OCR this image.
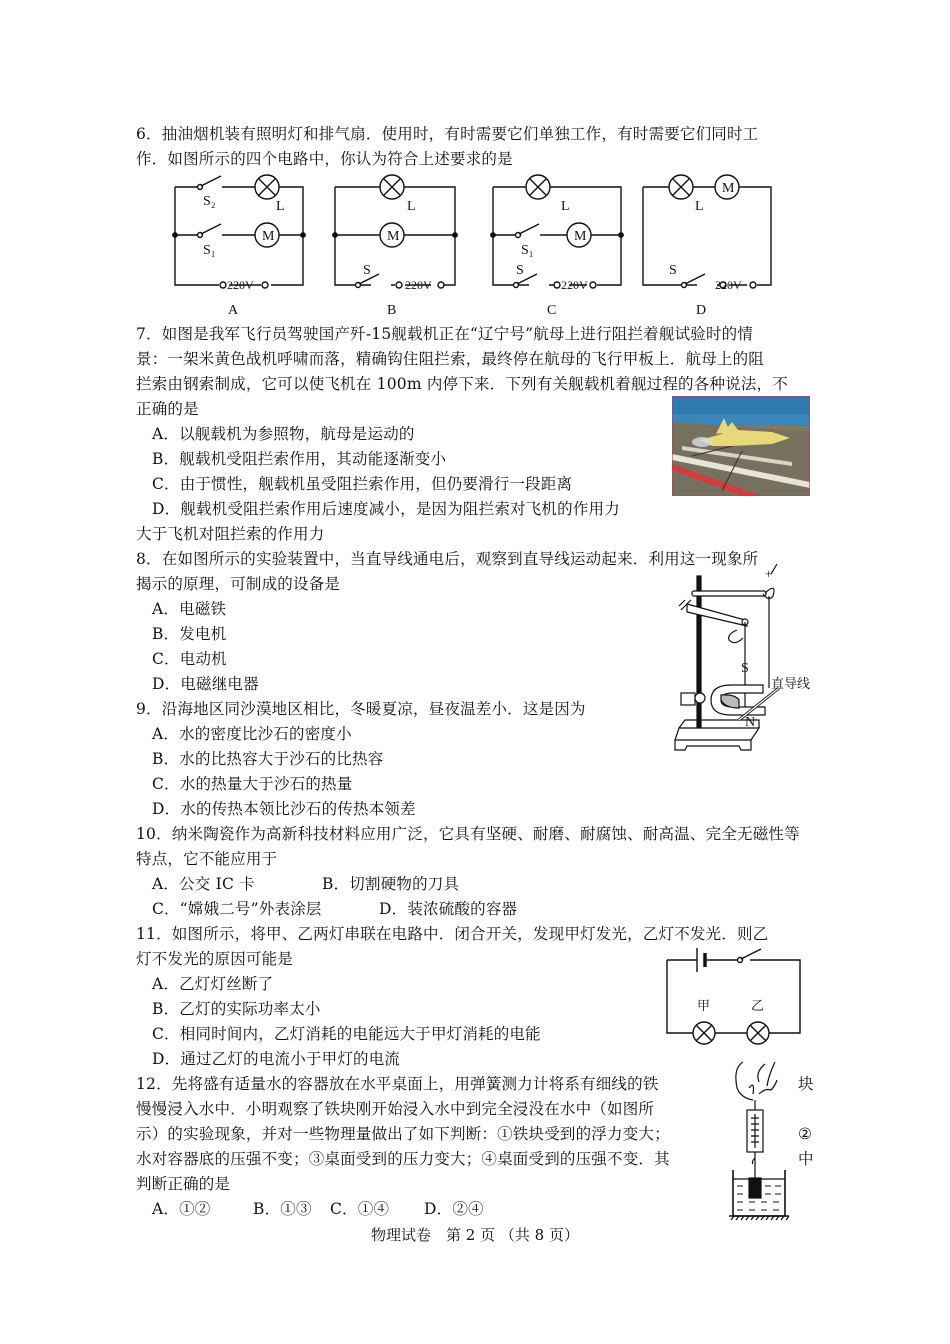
6．抽油烟机装有照明灯和排气扇．使用时，有时需要它们单独工作，有时需要它们同时工
作．如图所示的四个电路中，你认为符合上述要求的是
S₂	L
M
S₁
220V
A
L
M
S
220V
B
L
M
S₁
S
220V
C
L
M
S
220V
D
7．如图是我军飞行员驾驶国产歼-15舰载机正在“辽宁号”航母上进行阻拦着舰试验时的情
景：一架米黄色战机呼啸而落，精确钩住阻拦索，最终停在航母的飞行甲板上．航母上的阻
拦索由钢索制成，它可以使飞机在 100m 内停下来．下列有关舰载机着舰过程的各种说法，不
正确的是
A．以舰载机为参照物，航母是运动的
B．舰载机受阻拦索作用，其动能逐渐变小
C．由于惯性，舰载机虽受阻拦索作用，但仍要滑行一段距离
D．舰载机受阻拦索作用后速度减小，是因为阻拦索对飞机的作用力
大于飞机对阻拦索的作用力
8．在如图所示的实验装置中，当直导线通电后，观察到直导线运动起来．利用这一现象所
揭示的原理，可制成的设备是
A．电磁铁
B．发电机
C．电动机
D．电磁继电器
+
S
N
直导线
9．沿海地区同沙漠地区相比，冬暖夏凉，昼夜温差小．这是因为
A．水的密度比沙石的密度小
B．水的比热容大于沙石的比热容
C．水的热量大于沙石的热量
D．水的传热本领比沙石的传热本领差
10．纳米陶瓷作为高新科技材料应用广泛，它具有坚硬、耐磨、耐腐蚀、耐高温、完全无磁性等
特点，它不能应用于
A．公交 IC 卡	B．切割硬物的刀具
C．“嫦娥二号”外表涂层	D．装浓硫酸的容器
11．如图所示，将甲、乙两灯串联在电路中．闭合开关，发现甲灯发光，乙灯不发光．则乙
灯不发光的原因可能是
A．乙灯灯丝断了
B．乙灯的实际功率太小
C．相同时间内，乙灯消耗的电能远大于甲灯消耗的电能
D．通过乙灯的电流小于甲灯的电流
甲	乙
12．先将盛有适量水的容器放在水平桌面上，用弹簧测力计将系有细线的铁
慢慢浸入水中．小明观察了铁块刚开始浸入水中到完全浸没在水中（如图所
示）的实验现象，并对一些物理量做出了如下判断：①铁块受到的浮力变大；
水对容器底的压强不变；③桌面受到的压力变大；④桌面受到的压强不变．其
判断正确的是
块
②
中
A．①②	B．①③ C．①④ D．②④
物理试卷　第 2 页 （共 8 页）
